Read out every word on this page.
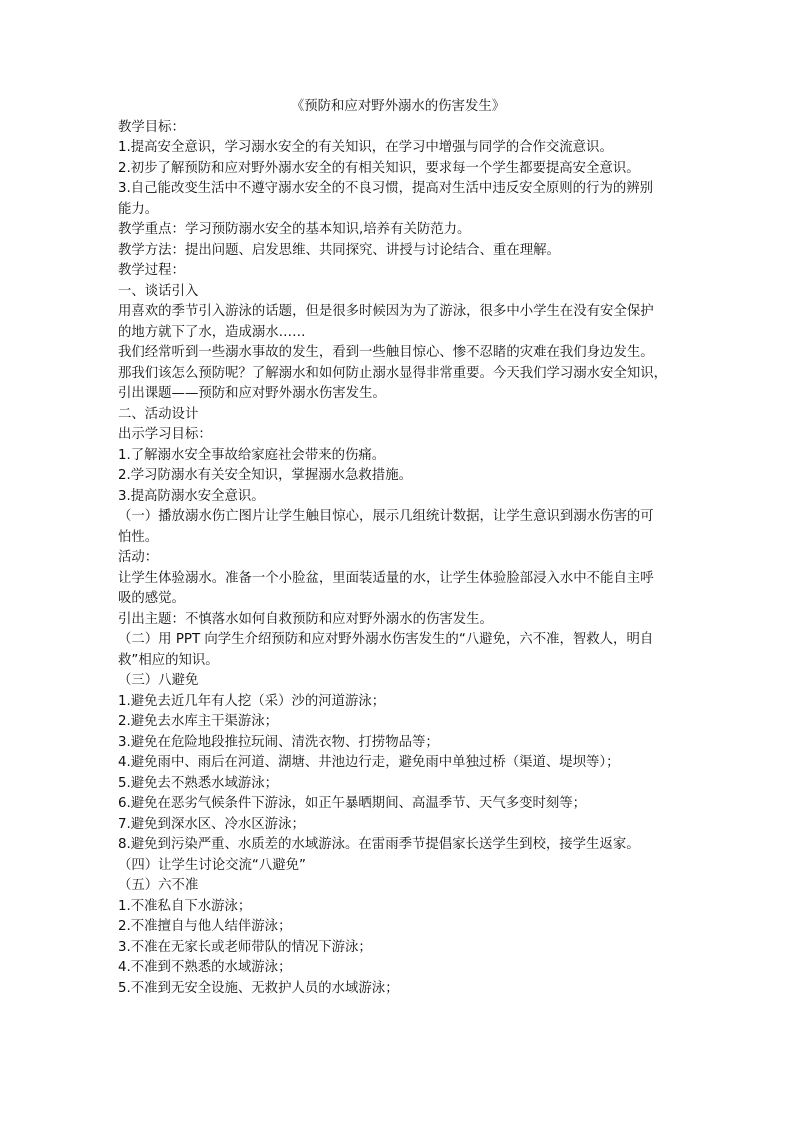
《预防和应对野外溺水的伤害发生》

教学目标：

1.提高安全意识，学习溺水安全的有关知识，在学习中增强与同学的合作交流意识。

2.初步了解预防和应对野外溺水安全的有相关知识，要求每一个学生都要提高安全意识。

3.自己能改变生活中不遵守溺水安全的不良习惯，提高对生活中违反安全原则的行为的辨别

能力。

教学重点：学习预防溺水安全的基本知识,培养有关防范力。

教学方法：提出问题、启发思维、共同探究、讲授与讨论结合、重在理解。

教学过程：

一、谈话引入

用喜欢的季节引入游泳的话题，但是很多时候因为为了游泳，很多中小学生在没有安全保护

的地方就下了水，造成溺水……

我们经常听到一些溺水事故的发生，看到一些触目惊心、惨不忍睹的灾难在我们身边发生。

那我们该怎么预防呢？了解溺水和如何防止溺水显得非常重要。今天我们学习溺水安全知识，

引出课题——预防和应对野外溺水伤害发生。

二、活动设计

出示学习目标：

1.了解溺水安全事故给家庭社会带来的伤痛。

2.学习防溺水有关安全知识，掌握溺水急救措施。

3.提高防溺水安全意识。

（一）播放溺水伤亡图片让学生触目惊心，展示几组统计数据，让学生意识到溺水伤害的可

怕性。

活动：

让学生体验溺水。准备一个小脸盆，里面装适量的水，让学生体验脸部浸入水中不能自主呼

吸的感觉。

引出主题：不慎落水如何自救预防和应对野外溺水的伤害发生。

（二）用 PPT 向学生介绍预防和应对野外溺水伤害发生的“八避免，六不准，智救人，明自

救”相应的知识。

（三）八避免

1.避免去近几年有人挖（采）沙的河道游泳；

2.避免去水库主干渠游泳；

3.避免在危险地段推拉玩闹、清洗衣物、打捞物品等；

4.避免雨中、雨后在河道、湖塘、井池边行走，避免雨中单独过桥（渠道、堤坝等）；

5.避免去不熟悉水域游泳；

6.避免在恶劣气候条件下游泳，如正午暴晒期间、高温季节、天气多变时刻等；

7.避免到深水区、冷水区游泳；

8.避免到污染严重、水质差的水域游泳。在雷雨季节提倡家长送学生到校，接学生返家。

（四）让学生讨论交流“八避免”

（五）六不准

1.不准私自下水游泳；

2.不准擅自与他人结伴游泳；

3.不准在无家长或老师带队的情况下游泳；

4.不准到不熟悉的水域游泳；

5.不准到无安全设施、无救护人员的水域游泳；
